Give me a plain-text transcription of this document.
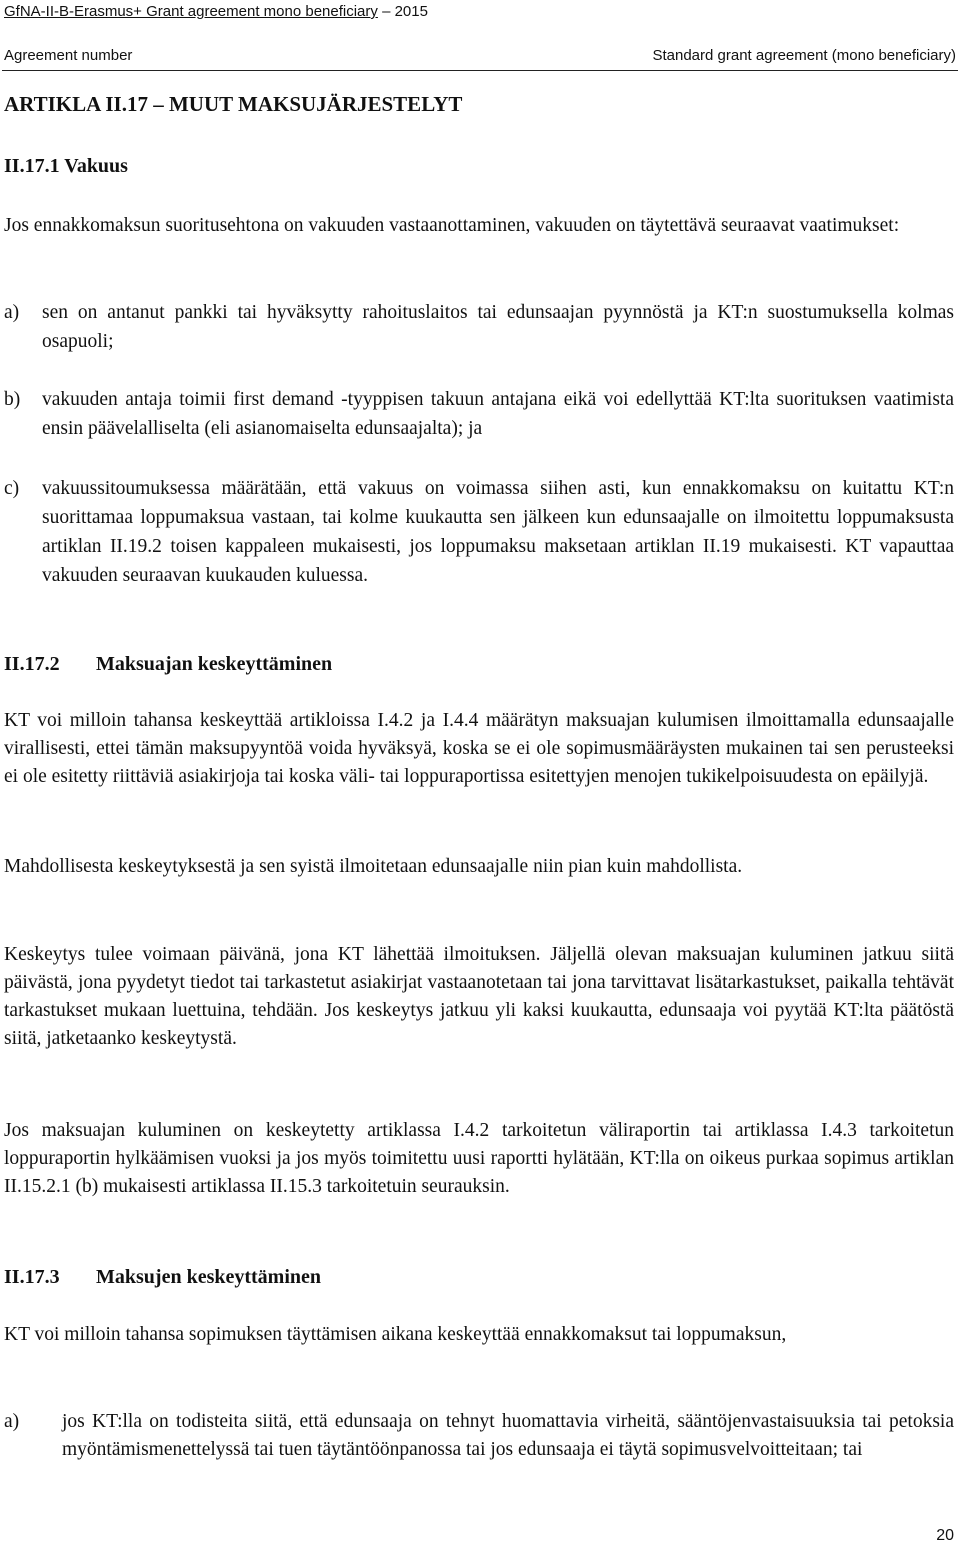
GfNA-II-B-Erasmus+ Grant agreement mono beneficiary – 2015
Agreement number	Standard grant agreement (mono beneficiary)
ARTIKLA II.17 – MUUT MAKSUJÄRJESTELYT
II.17.1 Vakuus
Jos ennakkomaksun suoritusehtona on vakuuden vastaanottaminen, vakuuden on täytettävä seuraavat vaatimukset:
a)	sen on antanut pankki tai hyväksytty rahoituslaitos tai edunsaajan pyynnöstä ja KT:n suostumuksella kolmas osapuoli;
b)	vakuuden antaja toimii first demand -tyyppisen takuun antajana eikä voi edellyttää KT:lta suorituksen vaatimista ensin päävelalliselta (eli asianomaiselta edunsaajalta); ja
c)	vakuussitoumuksessa määrätään, että vakuus on voimassa siihen asti, kun ennakkomaksu on kuitattu KT:n suorittamaa loppumaksua vastaan, tai kolme kuukautta sen jälkeen kun edunsaajalle on ilmoitettu loppumaksusta artiklan II.19.2 toisen kappaleen mukaisesti, jos loppumaksu maksetaan artiklan II.19 mukaisesti. KT vapauttaa vakuuden seuraavan kuukauden kuluessa.
II.17.2 Maksuajan keskeyttäminen
KT voi milloin tahansa keskeyttää artikloissa I.4.2 ja I.4.4 määrätyn maksuajan kulumisen ilmoittamalla edunsaajalle virallisesti, ettei tämän maksupyyntöä voida hyväksyä, koska se ei ole sopimusmääräysten mukainen tai sen perusteeksi ei ole esitetty riittäviä asiakirjoja tai koska väli- tai loppuraportissa esitettyjen menojen tukikelpoisuudesta on epäilyjä.
Mahdollisesta keskeytyksestä ja sen syistä ilmoitetaan edunsaajalle niin pian kuin mahdollista.
Keskeytys tulee voimaan päivänä, jona KT lähettää ilmoituksen. Jäljellä olevan maksuajan kuluminen jatkuu siitä päivästä, jona pyydetyt tiedot tai tarkastetut asiakirjat vastaanotetaan tai jona tarvittavat lisätarkastukset, paikalla tehtävät tarkastukset mukaan luettuina, tehdään. Jos keskeytys jatkuu yli kaksi kuukautta, edunsaaja voi pyytää KT:lta päätöstä siitä, jatketaanko keskeytystä.
Jos maksuajan kuluminen on keskeytetty artiklassa I.4.2 tarkoitetun väliraportin tai artiklassa I.4.3 tarkoitetun loppuraportin hylkäämisen vuoksi ja jos myös toimitettu uusi raportti hylätään, KT:lla on oikeus purkaa sopimus artiklan II.15.2.1 (b) mukaisesti artiklassa II.15.3 tarkoitetuin seurauksin.
II.17.3 Maksujen keskeyttäminen
KT voi milloin tahansa sopimuksen täyttämisen aikana keskeyttää ennakkomaksut tai loppumaksun,
a)	jos KT:lla on todisteita siitä, että edunsaaja on tehnyt huomattavia virheitä, sääntöjenvastaisuuksia tai petoksia myöntämismenettelyssä tai tuen täytäntöönpanossa tai jos edunsaaja ei täytä sopimusvelvoitteitaan; tai
20
